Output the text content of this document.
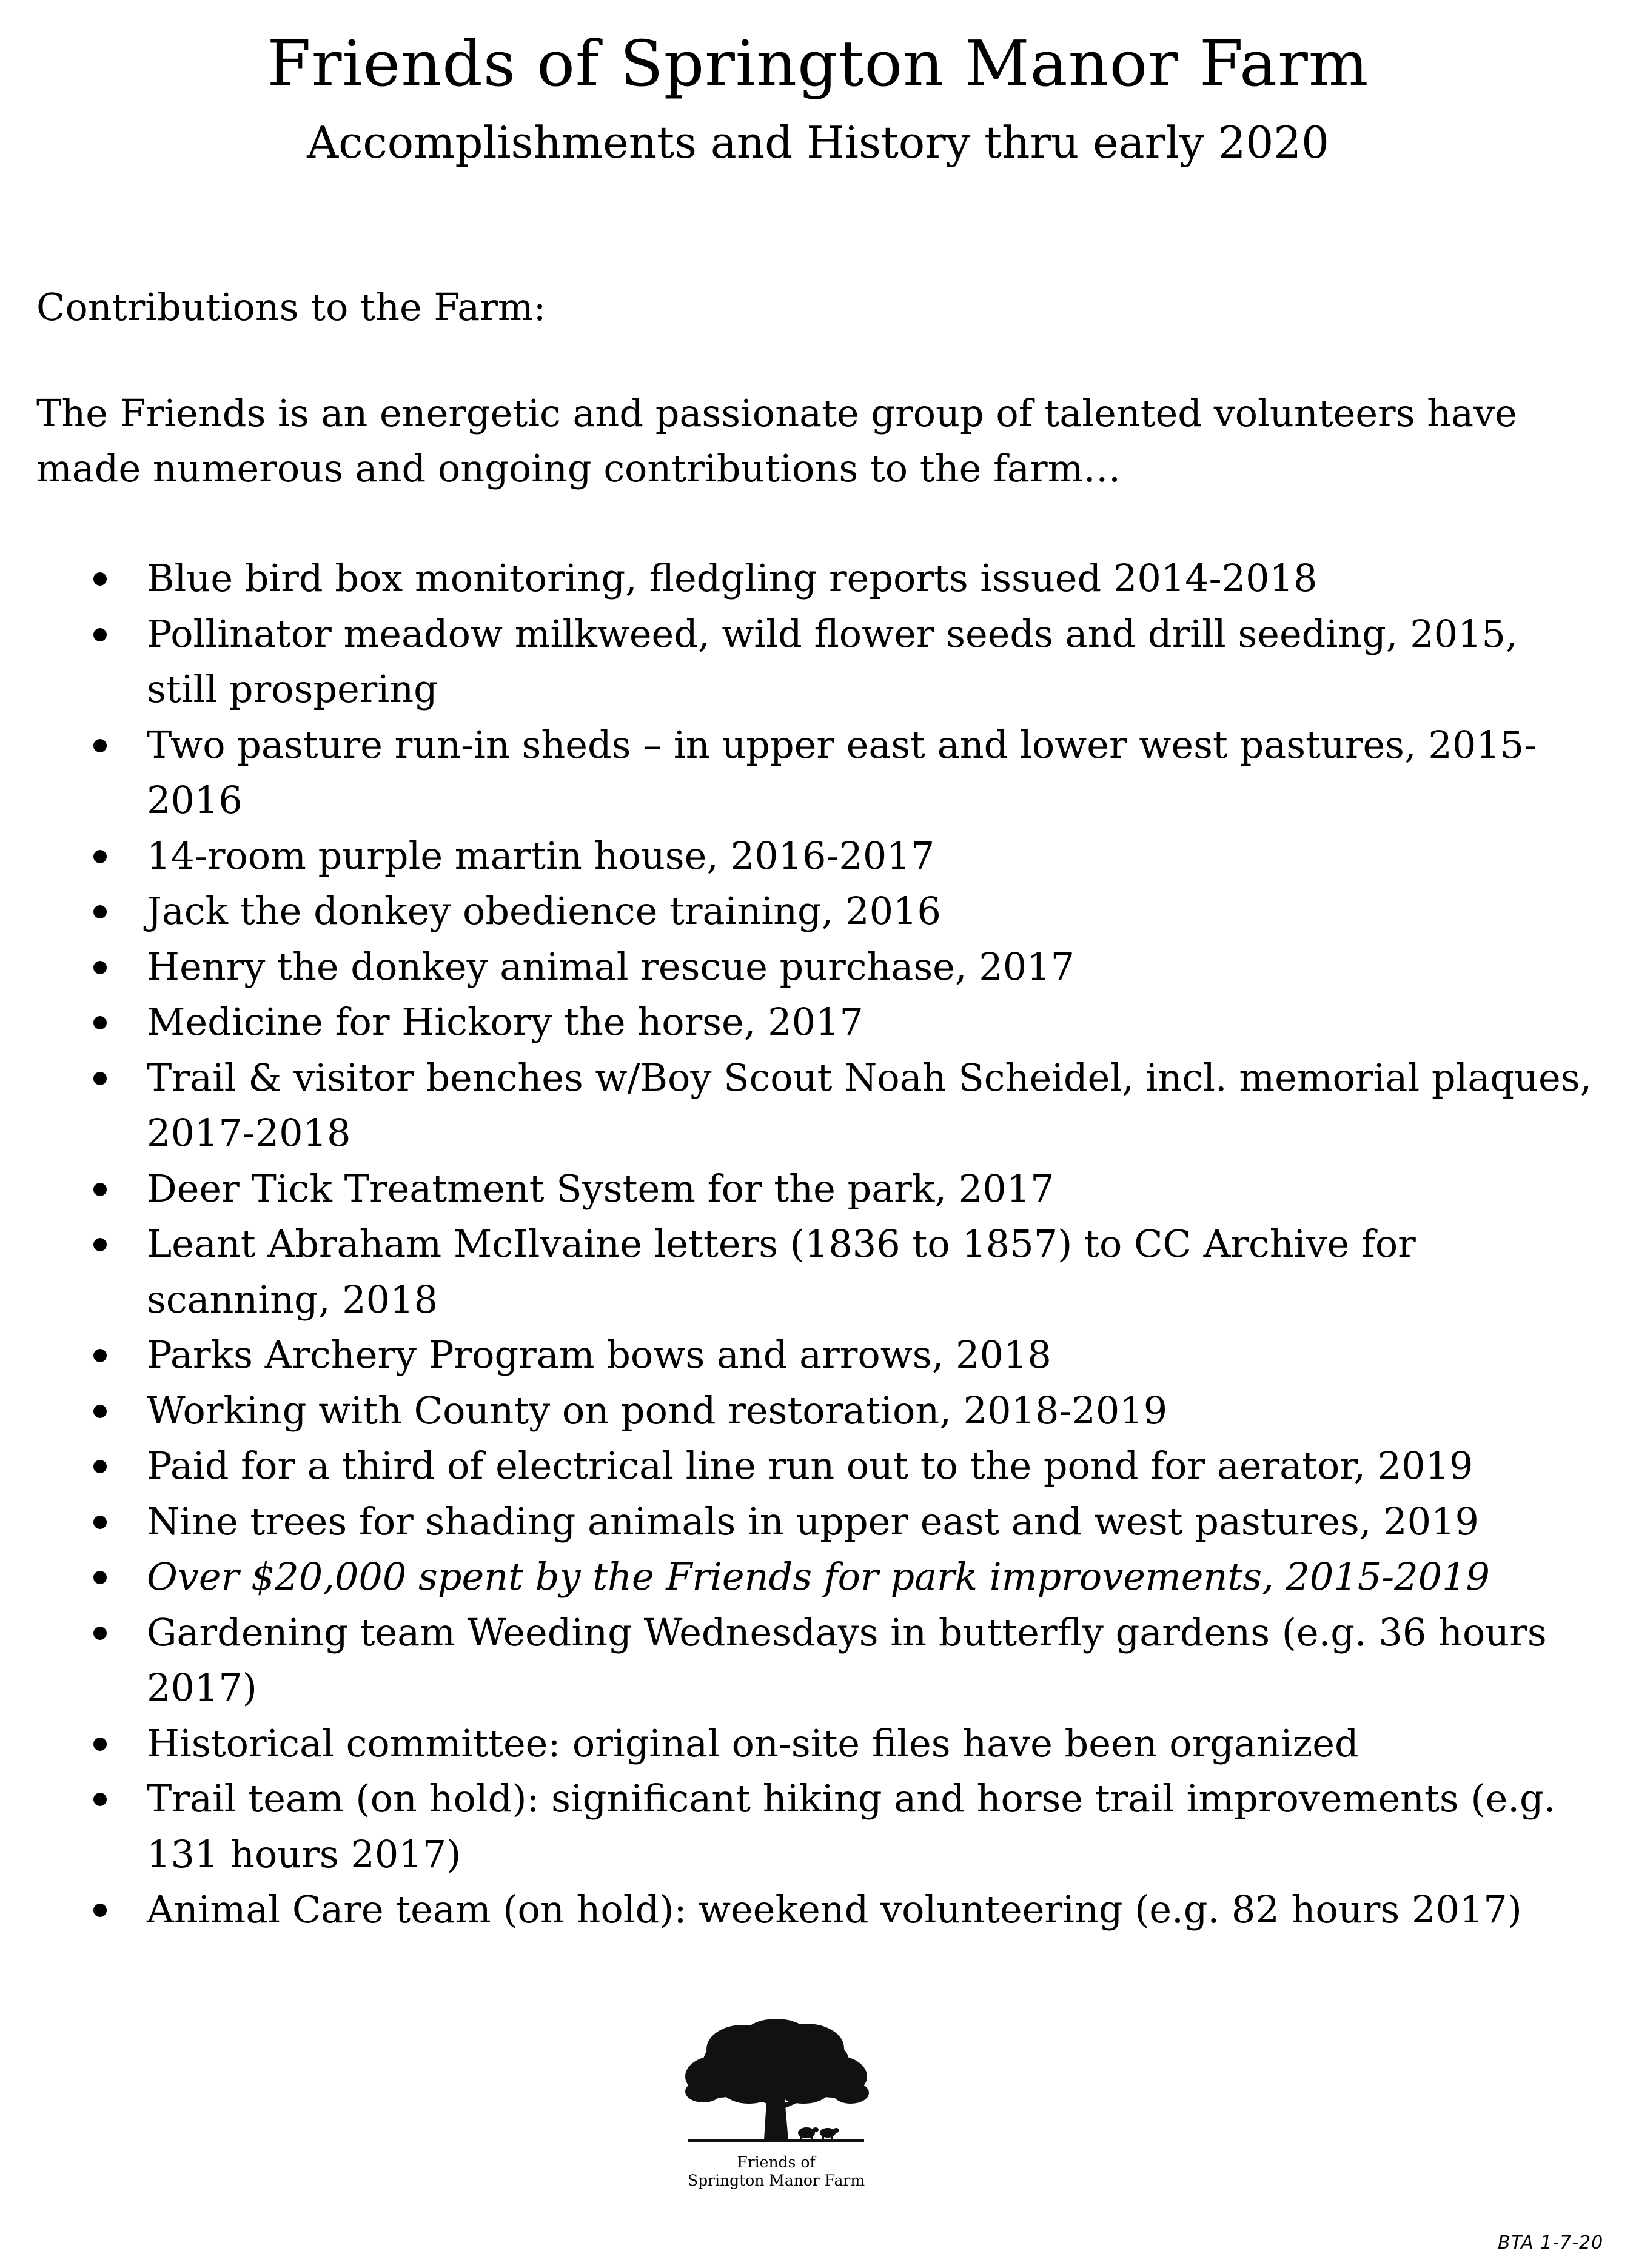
Friends of Springton Manor Farm
Accomplishments and History thru early 2020

Contributions to the Farm:

The Friends is an energetic and passionate group of talented volunteers have made numerous and ongoing contributions to the farm…

Blue bird box monitoring, fledgling reports issued 2014-2018
Pollinator meadow milkweed, wild flower seeds and drill seeding, 2015, still prospering
Two pasture run-in sheds – in upper east and lower west pastures, 2015-2016
14-room purple martin house, 2016-2017
Jack the donkey obedience training, 2016
Henry the donkey animal rescue purchase, 2017
Medicine for Hickory the horse, 2017
Trail & visitor benches w/Boy Scout Noah Scheidel, incl. memorial plaques, 2017-2018
Deer Tick Treatment System for the park, 2017
Leant Abraham McIlvaine letters (1836 to 1857) to CC Archive for scanning, 2018
Parks Archery Program bows and arrows, 2018
Working with County on pond restoration, 2018-2019
Paid for a third of electrical line run out to the pond for aerator, 2019
Nine trees for shading animals in upper east and west pastures, 2019
Over $20,000 spent by the Friends for park improvements, 2015-2019
Gardening team Weeding Wednesdays in butterfly gardens (e.g. 36 hours 2017)
Historical committee: original on-site files have been organized
Trail team (on hold): significant hiking and horse trail improvements (e.g. 131 hours 2017)
Animal Care team (on hold): weekend volunteering (e.g. 82 hours 2017)
Friends of
Springton Manor Farm
BTA 1-7-20
